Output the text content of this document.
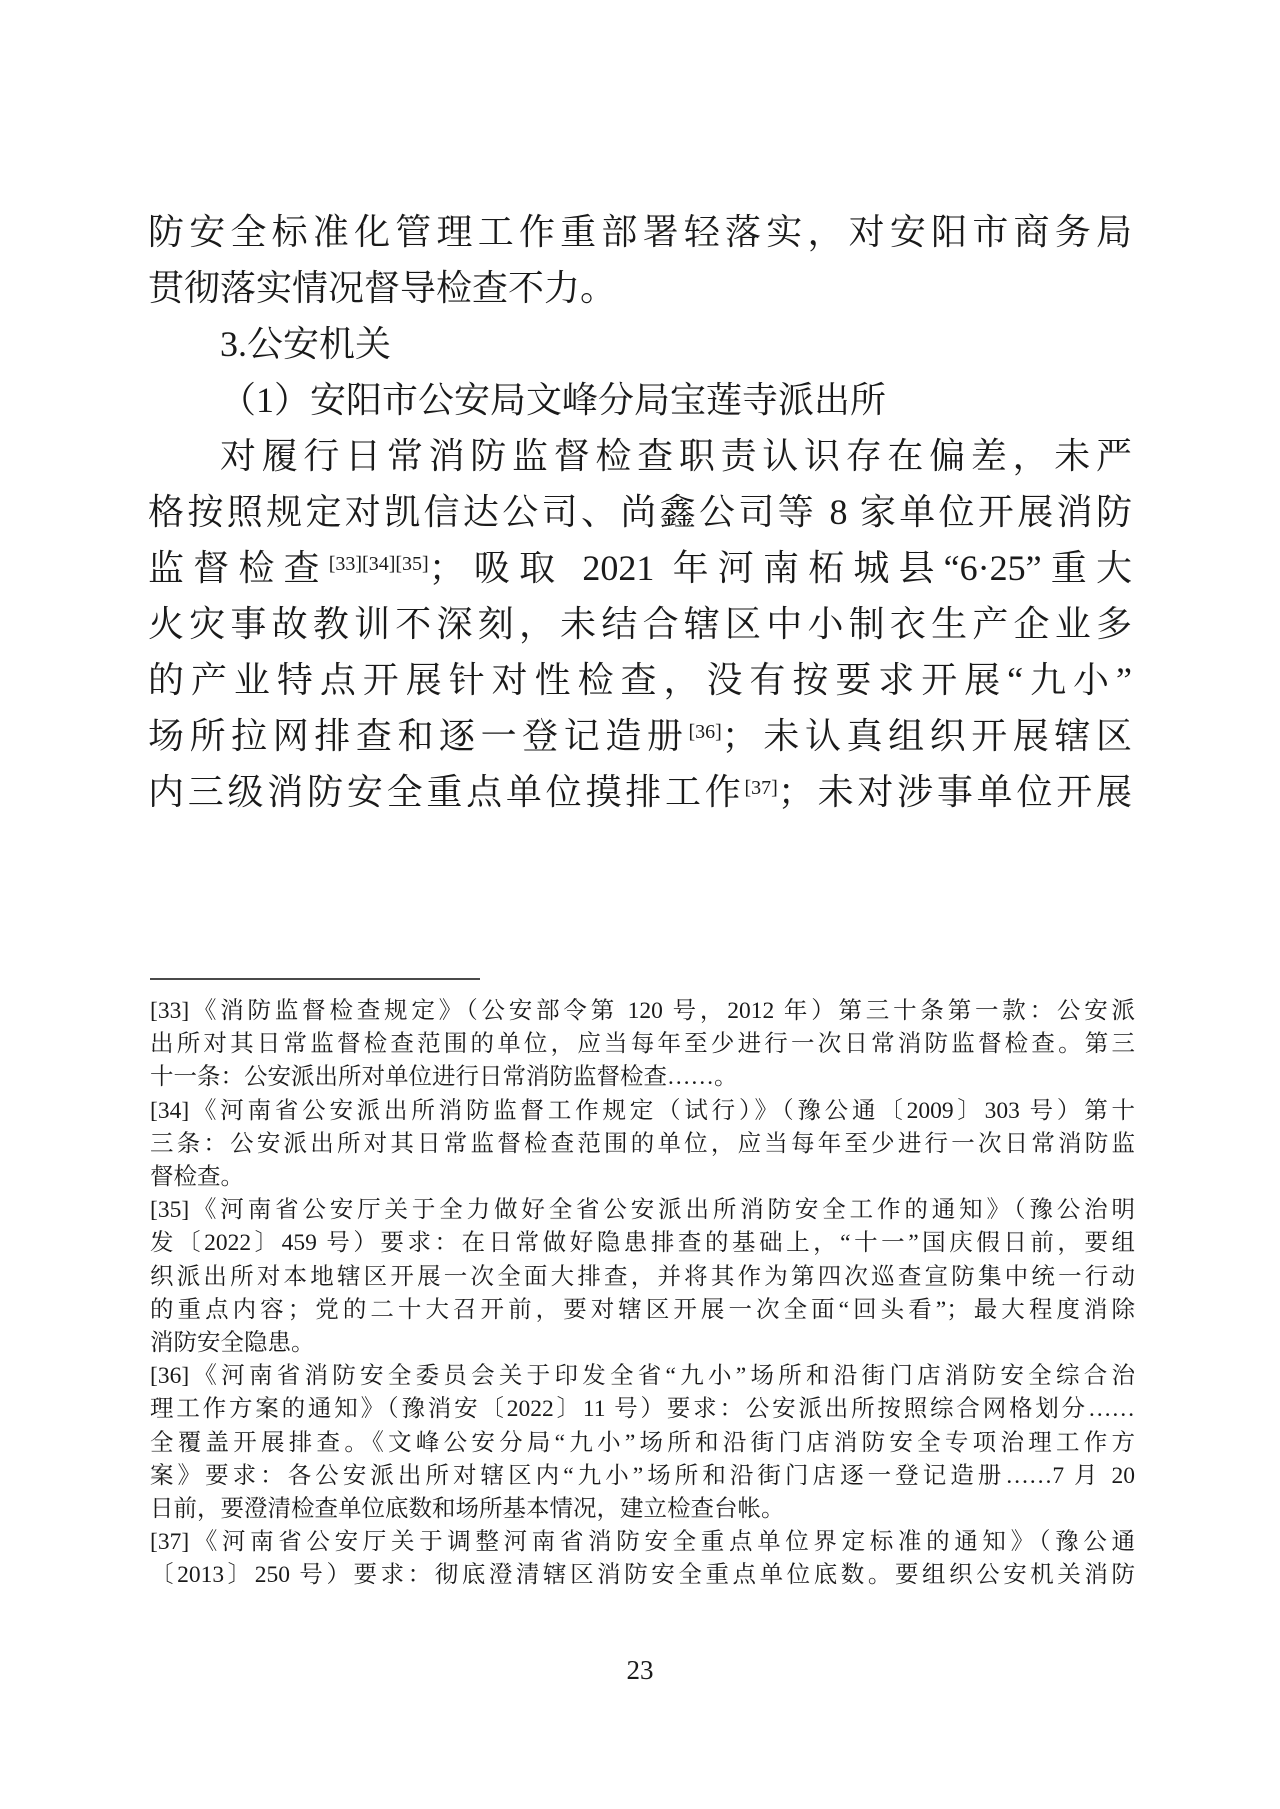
防安全标准化管理工作重部署轻落实，对安阳市商务局
贯彻落实情况督导检查不力。
3.公安机关
（1）安阳市公安局文峰分局宝莲寺派出所
对履行日常消防监督检查职责认识存在偏差，未严
格按照规定对凯信达公司、尚鑫公司等 8 家单位开展消防
监督检查[33][34][35]；吸取 2021 年河南柘城县“6·25”重大
火灾事故教训不深刻，未结合辖区中小制衣生产企业多
的产业特点开展针对性检查，没有按要求开展“九小”
场所拉网排查和逐一登记造册[36]；未认真组织开展辖区
内三级消防安全重点单位摸排工作[37]；未对涉事单位开展
[33]《消防监督检查规定》（公安部令第 120 号，2012 年）第三十条第一款：公安派
出所对其日常监督检查范围的单位，应当每年至少进行一次日常消防监督检查。第三
十一条：公安派出所对单位进行日常消防监督检查……。
[34]《河南省公安派出所消防监督工作规定（试行）》（豫公通〔2009〕303 号）第十
三条：公安派出所对其日常监督检查范围的单位，应当每年至少进行一次日常消防监
督检查。
[35]《河南省公安厅关于全力做好全省公安派出所消防安全工作的通知》（豫公治明
发〔2022〕459 号）要求：在日常做好隐患排查的基础上，“十一”国庆假日前，要组
织派出所对本地辖区开展一次全面大排查，并将其作为第四次巡查宣防集中统一行动
的重点内容；党的二十大召开前，要对辖区开展一次全面“回头看”；最大程度消除
消防安全隐患。
[36]《河南省消防安全委员会关于印发全省“九小”场所和沿街门店消防安全综合治
理工作方案的通知》（豫消安〔2022〕11 号）要求：公安派出所按照综合网格划分……
全覆盖开展排查。《文峰公安分局“九小”场所和沿街门店消防安全专项治理工作方
案》要求：各公安派出所对辖区内“九小”场所和沿街门店逐一登记造册……7 月 20
日前，要澄清检查单位底数和场所基本情况，建立检查台帐。
[37]《河南省公安厅关于调整河南省消防安全重点单位界定标准的通知》（豫公通
〔2013〕250 号）要求：彻底澄清辖区消防安全重点单位底数。要组织公安机关消防
23
